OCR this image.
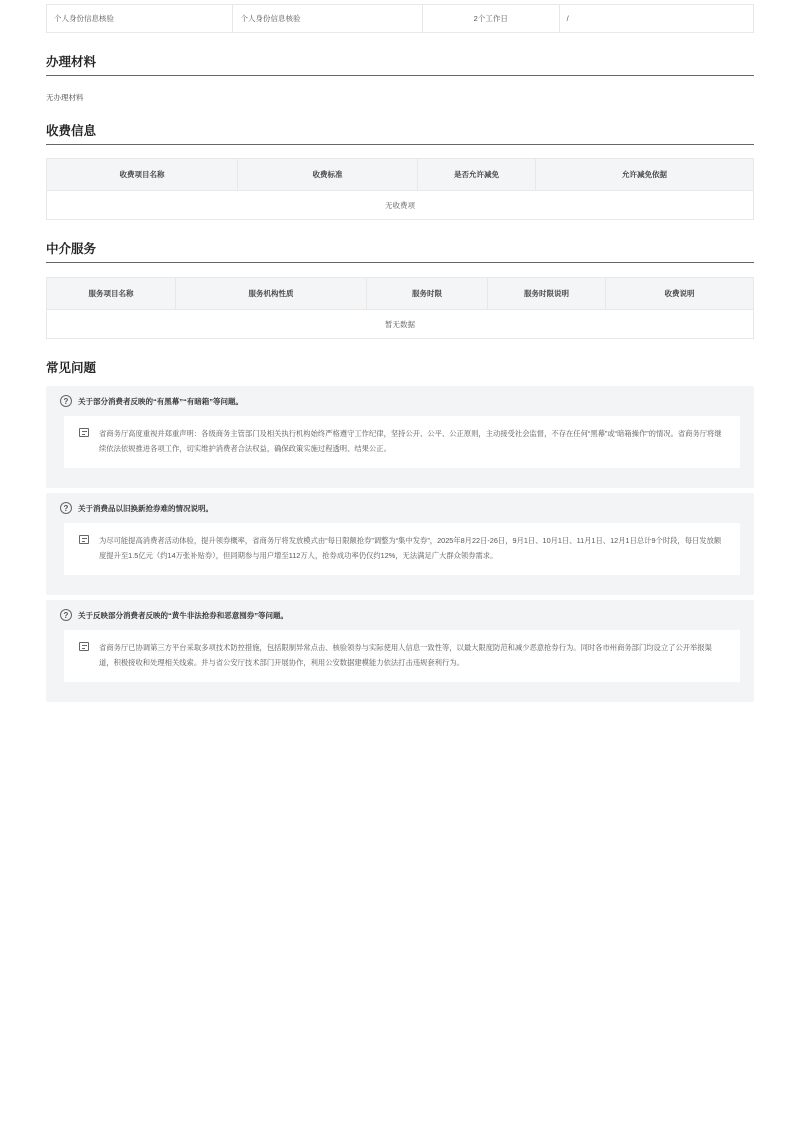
个人身份信息核验	个人身份信息核验	2个工作日	/
办理材料
无办理材料
收费信息
收费项目名称	收费标准	是否允许减免	允许减免依据
无收费项
中介服务
服务项目名称	服务机构性质	服务时限	服务时限说明	收费说明
暂无数据
常见问题
?	关于部分消费者反映的“有黑幕”“有暗箱”等问题。
省商务厅高度重视并郑重声明：各级商务主管部门及相关执行机构始终严格遵守工作纪律，坚持公开、公平、公正原则，主动接受社会监督，不存在任何“黑幕”或“暗箱操作”的情况。省商务厅将继续依法依规推进各项工作，切实维护消费者合法权益，确保政策实施过程透明、结果公正。
?	关于消费品以旧换新抢券难的情况说明。
为尽可能提高消费者活动体验，提升领券概率，省商务厅将发放模式由“每日限额抢券”调整为“集中发券”，2025年8月22日-26日，9月1日、10月1日、11月1日、12月1日总计9个时段，每日发放额度提升至1.5亿元（约14万张补贴券），但同期参与用户增至112万人，抢券成功率仍仅约12%，无法满足广大群众领券需求。
?	关于反映部分消费者反映的“黄牛非法抢券和恶意囤券”等问题。
省商务厅已协调第三方平台采取多项技术防控措施，包括限制异常点击、核验领券与实际使用人信息一致性等，以最大限度防范和减少恶意抢券行为。同时各市州商务部门均设立了公开举报渠道，积极接收和处理相关线索。并与省公安厅技术部门开展协作，利用公安数据建模能力依法打击违规套利行为。
